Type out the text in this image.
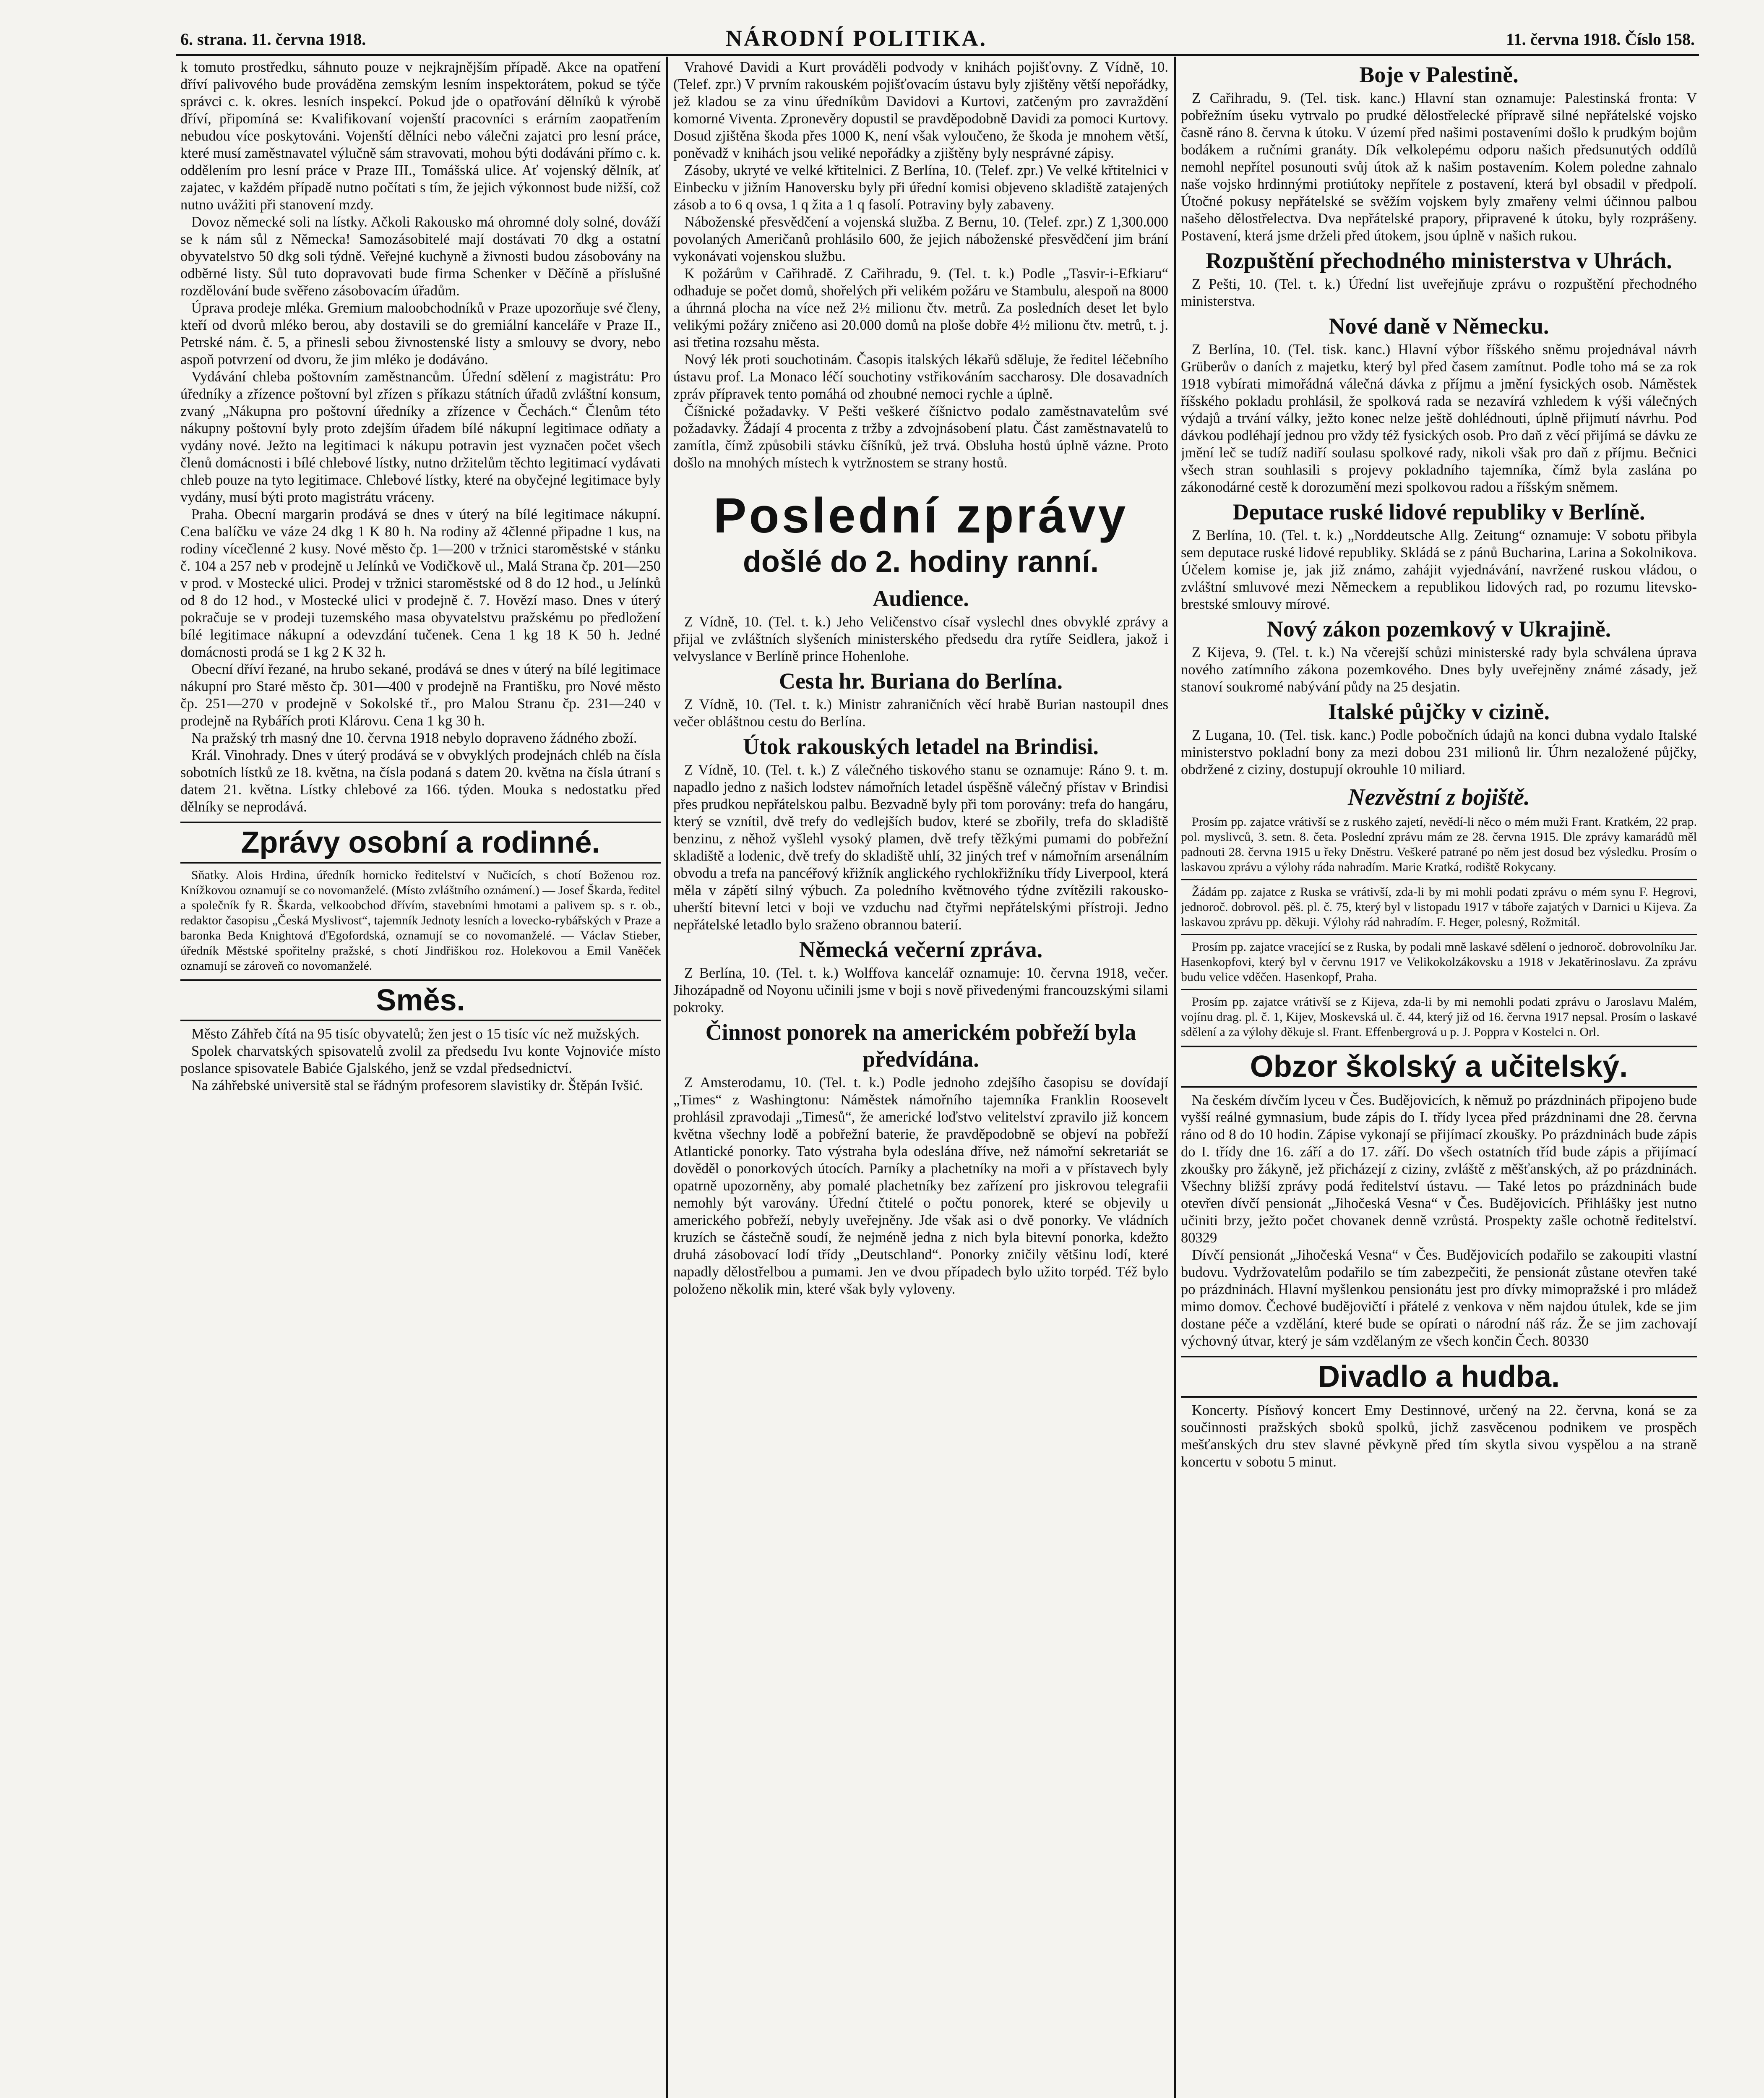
6. strana. 11. června 1918.	NÁRODNÍ POLITIKA.	11. června 1918. Číslo 158.

k tomuto prostředku, sáhnuto pouze v nejkrajnějším případě. Akce na opatření dříví palivového bude prováděna zemským lesním inspektorátem, pokud se týče správci c. k. okres. lesních inspekcí. Pokud jde o opatřování dělníků k výrobě dříví, připomíná se: Kvalifikovaní vojenští pracovníci s erárním zaopatřením nebudou více poskytováni. Vojenští dělníci nebo válečni zajatci pro lesní práce, které musí zaměstnavatel výlučně sám stravovati, mohou býti dodáváni přímo c. k. oddělením pro lesní práce v Praze III., Tomášská ulice. Ať vojenský dělník, ať zajatec, v každém případě nutno počítati s tím, že jejich výkonnost bude nižší, což nutno uvážiti při stanovení mzdy.

Dovoz německé soli na lístky. Ačkoli Rakousko má ohromné doly solné, dováží se k nám sůl z Německa! Samozásobitelé mají dostávati 70 dkg a ostatní obyvatelstvo 50 dkg soli týdně. Veřejné kuchyně a živnosti budou zásobovány na odběrné listy. Sůl tuto dopravovati bude firma Schenker v Děčíně a příslušné rozdělování bude svěřeno zásobovacím úřadům.

Úprava prodeje mléka. Gremium maloobchodníků v Praze upozorňuje své členy, kteří od dvorů mléko berou, aby dostavili se do gremiální kanceláře v Praze II., Petrské nám. č. 5, a přinesli sebou živnostenské listy a smlouvy se dvory, nebo aspoň potvrzení od dvoru, že jim mléko je dodáváno.

Vydávání chleba poštovním zaměstnancům. Úřední sdělení z magistrátu: Pro úředníky a zřízence poštovní byl zřízen s příkazu státních úřadů zvláštní konsum, zvaný „Nákupna pro poštovní úředníky a zřízence v Čechách.“ Členům této nákupny poštovní byly proto zdejším úřadem bílé nákupní legitimace odňaty a vydány nové. Ježto na legitimaci k nákupu potravin jest vyznačen počet všech členů domácnosti i bílé chlebové lístky, nutno držitelům těchto legitimací vydávati chleb pouze na tyto legitimace. Chlebové lístky, které na obyčejné legitimace byly vydány, musí býti proto magistrátu vráceny.

Praha. Obecní margarin prodává se dnes v úterý na bílé legitimace nákupní. Cena balíčku ve váze 24 dkg 1 K 80 h. Na rodiny až 4členné připadne 1 kus, na rodiny vícečlenné 2 kusy. Nové město čp. 1—200 v tržnici staroměstské v stánku č. 104 a 257 neb v prodejně u Jelínků ve Vodičkově ul., Malá Strana čp. 201—250 v prod. v Mostecké ulici. Prodej v tržnici staroměstské od 8 do 12 hod., u Jelínků od 8 do 12 hod., v Mostecké ulici v prodejně č. 7. Hovězí maso. Dnes v úterý pokračuje se v prodeji tuzemského masa obyvatelstvu pražskému po předložení bílé legitimace nákupní a odevzdání tučenek. Cena 1 kg 18 K 50 h. Jedné domácnosti prodá se 1 kg 2 K 32 h.

Obecní dříví řezané, na hrubo sekané, prodává se dnes v úterý na bílé legitimace nákupní pro Staré město čp. 301—400 v prodejně na Františku, pro Nové město čp. 251—270 v prodejně v Sokolské tř., pro Malou Stranu čp. 231—240 v prodejně na Rybářích proti Klárovu. Cena 1 kg 30 h.

Na pražský trh masný dne 10. června 1918 nebylo dopraveno žádného zboží.

Král. Vinohrady. Dnes v úterý prodává se v obvyklých prodejnách chléb na čísla sobotních lístků ze 18. května, na čísla podaná s datem 20. května na čísla útraní s datem 21. května. Lístky chlebové za 166. týden. Mouka s nedostatku před dělníky se neprodává.

Zprávy osobní a rodinné.

Sňatky. Alois Hrdina, úředník hornicko ředitelství v Nučicích, s chotí Boženou roz. Knížkovou oznamují se co novomanželé. (Místo zvláštního oznámení.) — Josef Škarda, ředitel a společník fy R. Škarda, velkoobchod dřívím, stavebními hmotami a palivem sp. s r. ob., redaktor časopisu „Česká Myslivost“, tajemník Jednoty lesních a lovecko-rybářských v Praze a baronka Beda Knightová d'Egofordská, oznamují se co novomanželé. — Václav Stieber, úředník Městské spořitelny pražské, s chotí Jindřiškou roz. Holekovou a Emil Vaněček oznamují se zároveň co novomanželé.

Směs.

Město Záhřeb čítá na 95 tisíc obyvatelů; žen jest o 15 tisíc víc než mužských.

Spolek charvatských spisovatelů zvolil za předsedu Ivu konte Vojnoviće místo poslance spisovatele Babiće Gjalského, jenž se vzdal předsednictví.

Na záhřebské universitě stal se řádným profesorem slavistiky dr. Štěpán Ivšić.

Vrahové Davidi a Kurt prováděli podvody v knihách pojišťovny. Z Vídně, 10. (Telef. zpr.) V prvním rakouském pojišťovacím ústavu byly zjištěny větší nepořádky, jež kladou se za vinu úředníkům Davidovi a Kurtovi, zatčeným pro zavraždění komorné Viventa. Zpronevěry dopustil se pravděpodobně Davidi za pomoci Kurtovy. Dosud zjištěna škoda přes 1000 K, není však vyloučeno, že škoda je mnohem větší, poněvadž v knihách jsou veliké nepořádky a zjištěny byly nesprávné zápisy.

Zásoby, ukryté ve velké křtitelnici. Z Berlína, 10. (Telef. zpr.) Ve velké křtitelnici v Einbecku v jižním Hanoversku byly při úřední komisi objeveno skladiště zatajených zásob a to 6 q ovsa, 1 q žita a 1 q fasolí. Potraviny byly zabaveny.

Náboženské přesvědčení a vojenská služba. Z Bernu, 10. (Telef. zpr.) Z 1,300.000 povolaných Američanů prohlásilo 600, že jejich náboženské přesvědčení jim brání vykonávati vojenskou službu.

K požárům v Cařihradě. Z Cařihradu, 9. (Tel. t. k.) Podle „Tasvir-i-Efkiaru“ odhaduje se počet domů, shořelých při velikém požáru ve Stambulu, alespoň na 8000 a úhrnná plocha na více než 2½ milionu čtv. metrů. Za posledních deset let bylo velikými požáry zničeno asi 20.000 domů na ploše dobře 4½ milionu čtv. metrů, t. j. asi třetina rozsahu města.

Nový lék proti souchotinám. Časopis italských lékařů sděluje, že ředitel léčebního ústavu prof. La Monaco léčí souchotiny vstřikováním saccharosy. Dle dosavadních zpráv přípravek tento pomáhá od zhoubné nemoci rychle a úplně.

Číšnické požadavky. V Pešti veškeré číšnictvo podalo zaměstnavatelům své požadavky. Žádají 4 procenta z tržby a zdvojnásobení platu. Část zaměstnavatelů to zamítla, čímž způsobili stávku číšníků, jež trvá. Obsluha hostů úplně vázne. Proto došlo na mnohých místech k vytržnostem se strany hostů.

Poslední zprávy
došlé do 2. hodiny ranní.
Audience.

Z Vídně, 10. (Tel. t. k.) Jeho Veličenstvo císař vyslechl dnes obvyklé zprávy a přijal ve zvláštních slyšeních ministerského předsedu dra rytíře Seidlera, jakož i velvyslance v Berlíně prince Hohenlohe.

Cesta hr. Buriana do Berlína.

Z Vídně, 10. (Tel. t. k.) Ministr zahraničních věcí hrabě Burian nastoupil dnes večer obláštnou cestu do Berlína.

Útok rakouských letadel na Brindisi.

Z Vídně, 10. (Tel. t. k.) Z válečného tiskového stanu se oznamuje: Ráno 9. t. m. napadlo jedno z našich lodstev námořních letadel úspěšně válečný přístav v Brindisi přes prudkou nepřátelskou palbu. Bezvadně byly při tom porovány: trefa do hangáru, který se vznítil, dvě trefy do vedlejších budov, které se zbořily, trefa do skladiště benzinu, z něhož vyšlehl vysoký plamen, dvě trefy těžkými pumami do pobřežní skladiště a lodenic, dvě trefy do skladiště uhlí, 32 jiných tref v námořním arsenálním obvodu a trefa na pancéřový křižník anglického rychlokřižníku třídy Liverpool, která měla v zápětí silný výbuch. Za poledního květnového týdne zvítězili rakousko-uherští bitevní letci v boji ve vzduchu nad čtyřmi nepřátelskými přístroji. Jedno nepřátelské letadlo bylo sraženo obrannou baterií.

Německá večerní zpráva.

Z Berlína, 10. (Tel. t. k.) Wolffova kancelář oznamuje: 10. června 1918, večer. Jihozápadně od Noyonu učinili jsme v boji s nově přivedenými francouzskými silami pokroky.

Činnost ponorek na americkém pobřeží byla předvídána.

Z Amsterodamu, 10. (Tel. t. k.) Podle jednoho zdejšího časopisu se dovídají „Times“ z Washingtonu: Náměstek námořního tajemníka Franklin Roosevelt prohlásil zpravodaji „Timesů“, že americké loďstvo velitelství zpravilo již koncem května všechny lodě a pobřežní baterie, že pravděpodobně se objeví na pobřeží Atlantické ponorky. Tato výstraha byla odeslána dříve, než námořní sekretariát se dověděl o ponorkových útocích. Parníky a plachetníky na moři a v přístavech byly opatrně upozorněny, aby pomalé plachetníky bez zařízení pro jiskrovou telegrafii nemohly být varovány. Úřední čtitelé o počtu ponorek, které se objevily u amerického pobřeží, nebyly uveřejněny. Jde však asi o dvě ponorky. Ve vládních kruzích se částečně soudí, že nejméně jedna z nich byla bitevní ponorka, kdežto druhá zásobovací lodí třídy „Deutschland“. Ponorky zničily většinu lodí, které napadly dělostřelbou a pumami. Jen ve dvou případech bylo užito torpéd. Též bylo položeno několik min, které však byly vyloveny.

Boje v Palestině.

Z Cařihradu, 9. (Tel. tisk. kanc.) Hlavní stan oznamuje: Palestinská fronta: V pobřežním úseku vytrvalo po prudké dělostřelecké přípravě silné nepřátelské vojsko časně ráno 8. června k útoku. V území před našimi postaveními došlo k prudkým bojům bodákem a ručními granáty. Dík velkolepému odporu našich předsunutých oddílů nemohl nepřítel posunouti svůj útok až k našim postavením. Kolem poledne zahnalo naše vojsko hrdinnými protiútoky nepřítele z postavení, která byl obsadil v předpolí. Útočné pokusy nepřátelské se svěžím vojskem byly zmařeny velmi účinnou palbou našeho dělostřelectva. Dva nepřátelské prapory, připravené k útoku, byly rozprášeny. Postavení, která jsme drželi před útokem, jsou úplně v našich rukou.

Rozpuštění přechodného ministerstva v Uhrách.

Z Pešti, 10. (Tel. t. k.) Úřední list uveřejňuje zprávu o rozpuštění přechodného ministerstva.

Nové daně v Německu.

Z Berlína, 10. (Tel. tisk. kanc.) Hlavní výbor říšského sněmu projednával návrh Grüberův o daních z majetku, který byl před časem zamítnut. Podle toho má se za rok 1918 vybírati mimořádná válečná dávka z příjmu a jmění fysických osob. Náměstek říšského pokladu prohlásil, že spolková rada se nezavírá vzhledem k výši válečných výdajů a trvání války, ježto konec nelze ještě dohlédnouti, úplně přijmutí návrhu. Pod dávkou podléhají jednou pro vždy též fysických osob. Pro daň z věcí přijímá se dávku ze jmění leč se tudíž nadiří soulasu spolkové rady, nikoli však pro daň z příjmu. Bečnici všech stran souhlasili s projevy pokladního tajemníka, čímž byla zaslána po zákonodárné cestě k dorozumění mezi spolkovou radou a říšským sněmem.

Deputace ruské lidové republiky v Berlíně.

Z Berlína, 10. (Tel. t. k.) „Norddeutsche Allg. Zeitung“ oznamuje: V sobotu přibyla sem deputace ruské lidové republiky. Skládá se z pánů Bucharina, Larina a Sokolnikova. Účelem komise je, jak již známo, zahájit vyjednávání, navržené ruskou vládou, o zvláštní smluvové mezi Německem a republikou lidových rad, po rozumu litevsko-brestské smlouvy mírové.

Nový zákon pozemkový v Ukrajině.

Z Kijeva, 9. (Tel. t. k.) Na včerejší schůzi ministerské rady byla schválena úprava nového zatímního zákona pozemkového. Dnes byly uveřejněny známé zásady, jež stanoví soukromé nabývání půdy na 25 desjatin.

Italské půjčky v cizině.

Z Lugana, 10. (Tel. tisk. kanc.) Podle pobočních údajů na konci dubna vydalo Italské ministerstvo pokladní bony za mezi dobou 231 milionů lir. Úhrn nezaložené půjčky, obdržené z ciziny, dostupují okrouhle 10 miliard.

Nezvěstní z bojiště.

Prosím pp. zajatce vrátivší se z ruského zajetí, nevědí-li něco o mém muži Frant. Kratkém, 22 prap. pol. myslivců, 3. setn. 8. četa. Poslední zprávu mám ze 28. června 1915. Dle zprávy kamarádů měl padnouti 28. června 1915 u řeky Dněstru. Veškeré patrané po něm jest dosud bez výsledku. Prosím o laskavou zprávu a výlohy ráda nahradím. Marie Kratká, rodiště Rokycany.

Žádám pp. zajatce z Ruska se vrátivší, zda-li by mi mohli podati zprávu o mém synu F. Hegrovi, jednoroč. dobrovol. pěš. pl. č. 75, který byl v listopadu 1917 v táboře zajatých v Darnici u Kijeva. Za laskavou zprávu pp. děkuji. Výlohy rád nahradím. F. Heger, polesný, Rožmitál.

Prosím pp. zajatce vracející se z Ruska, by podali mně laskavé sdělení o jednoroč. dobrovolníku Jar. Hasenkopfovi, který byl v červnu 1917 ve Velikokolzákovsku a 1918 v Jekatěrinoslavu. Za zprávu budu velice vděčen. Hasenkopf, Praha.

Prosím pp. zajatce vrátivší se z Kijeva, zda-li by mi nemohli podati zprávu o Jaroslavu Malém, vojínu drag. pl. č. 1, Kijev, Moskevská ul. č. 44, který již od 16. června 1917 nepsal. Prosím o laskavé sdělení a za výlohy děkuje sl. Frant. Effenbergrová u p. J. Poppra v Kostelci n. Orl.

Obzor školský a učitelský.

Na českém dívčím lyceu v Čes. Budějovicích, k němuž po prázdninách připojeno bude vyšší reálné gymnasium, bude zápis do I. třídy lycea před prázdninami dne 28. června ráno od 8 do 10 hodin. Zápise vykonají se přijímací zkoušky. Po prázdninách bude zápis do I. třídy dne 16. září a do 17. září. Do všech ostatních tříd bude zápis a přijímací zkoušky pro žákyně, jež přicházejí z ciziny, zvláště z měšťanských, až po prázdninách. Všechny bližší zprávy podá ředitelství ústavu. — Také letos po prázdninách bude otevřen dívčí pensionát „Jihočeská Vesna“ v Čes. Budějovicích. Přihlášky jest nutno učiniti brzy, ježto počet chovanek denně vzrůstá. Prospekty zašle ochotně ředitelství. 80329

Dívčí pensionát „Jihočeská Vesna“ v Čes. Budějovicích podařilo se zakoupiti vlastní budovu. Vydržovatelům podařilo se tím zabezpečiti, že pensionát zůstane otevřen také po prázdninách. Hlavní myšlenkou pensionátu jest pro dívky mimopražské i pro mládež mimo domov. Čechové budějovičtí i přátelé z venkova v něm najdou útulek, kde se jim dostane péče a vzdělání, které bude se opírati o národní náš ráz. Že se jim zachovají výchovný útvar, který je sám vzdělaným ze všech končin Čech. 80330

Divadlo a hudba.

Koncerty. Písňový koncert Emy Destinnové, určený na 22. června, koná se za součinnosti pražských sboků spolků, jichž zasvěcenou podnikem ve prospěch mešťanských dru stev slavné pěvkyně před tím skytla sivou vyspělou a na straně koncertu v sobotu 5 minut.
